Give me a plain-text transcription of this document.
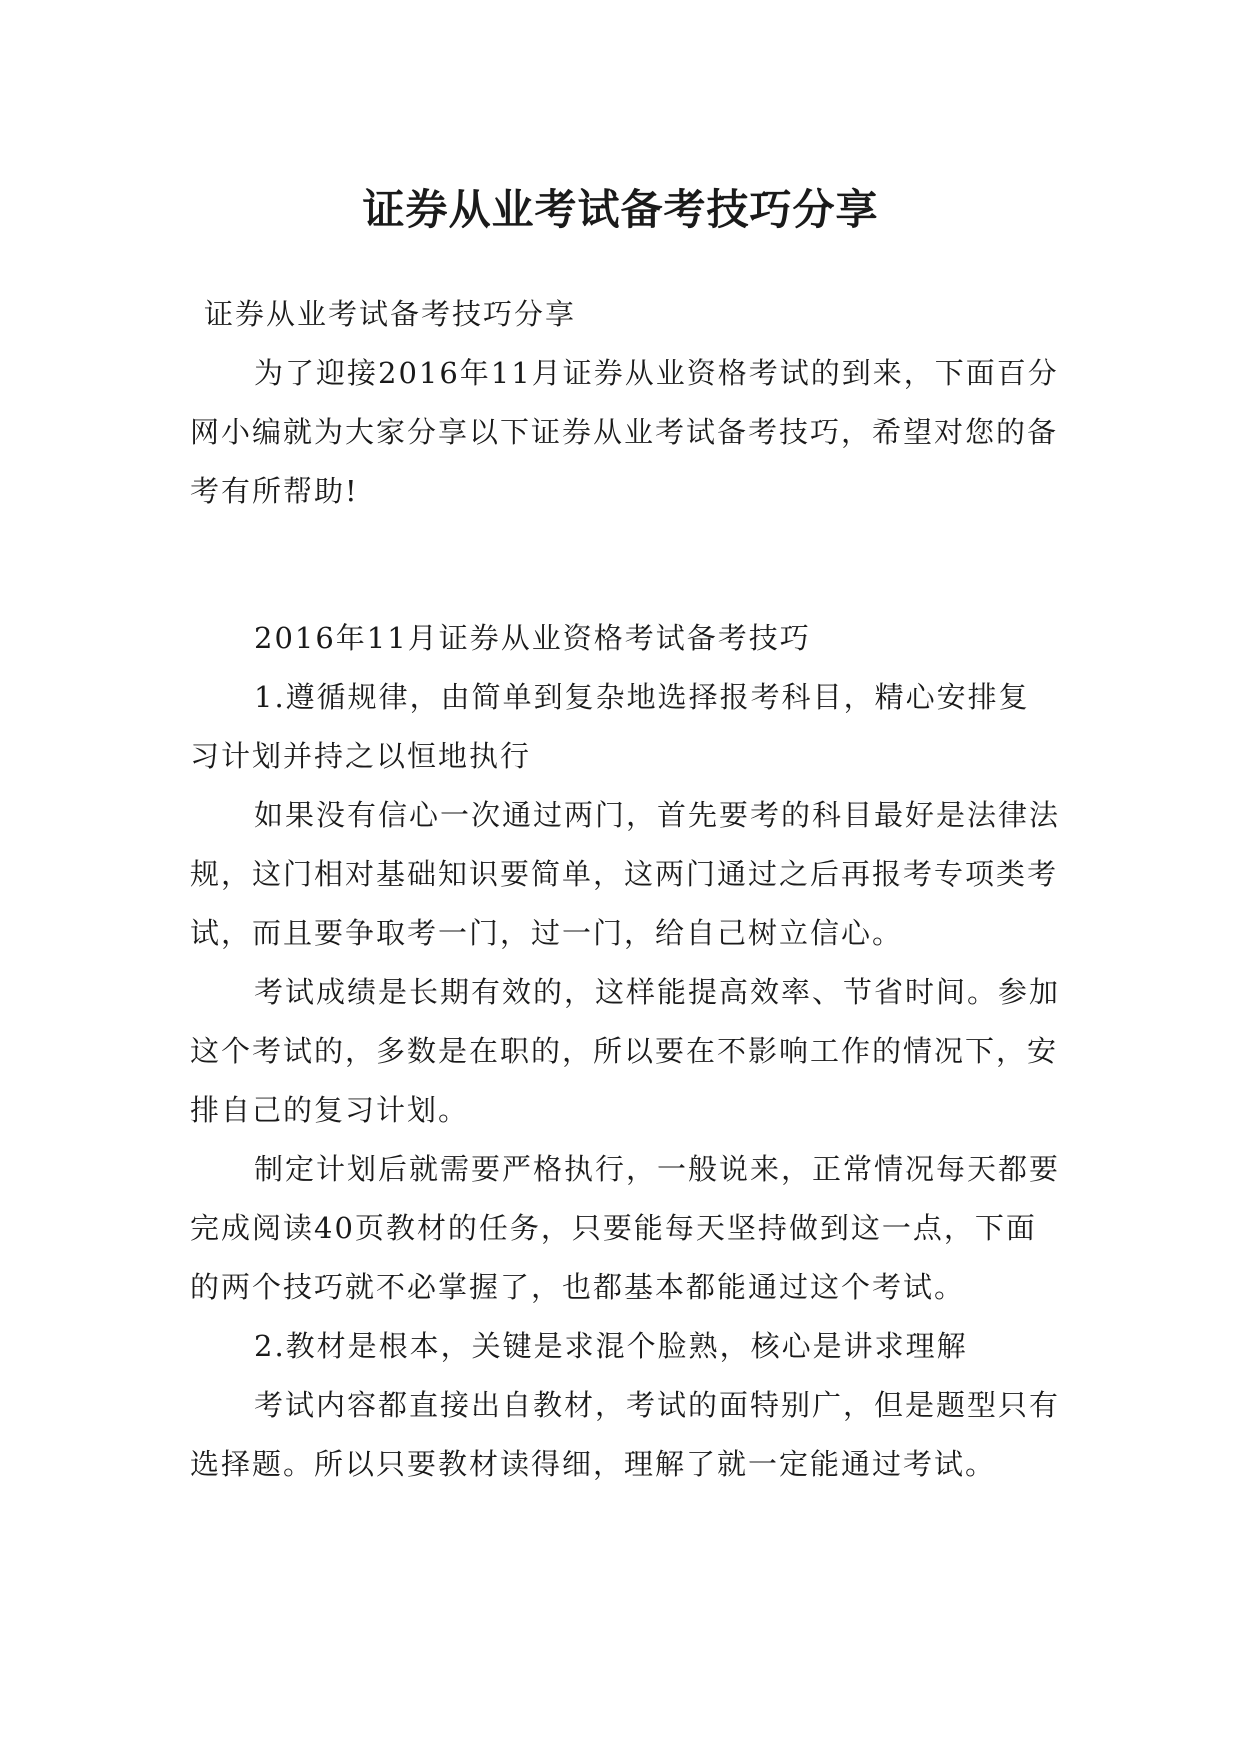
证券从业考试备考技巧分享

证券从业考试备考技巧分享

为了迎接2016年11月证券从业资格考试的到来，下面百分网小编就为大家分享以下证券从业考试备考技巧，希望对您的备考有所帮助!

2016年11月证券从业资格考试备考技巧

1.遵循规律，由简单到复杂地选择报考科目，精心安排复习计划并持之以恒地执行

如果没有信心一次通过两门，首先要考的科目最好是法律法规，这门相对基础知识要简单，这两门通过之后再报考专项类考试，而且要争取考一门，过一门，给自己树立信心。

考试成绩是长期有效的，这样能提高效率、节省时间。参加这个考试的，多数是在职的，所以要在不影响工作的情况下，安排自己的复习计划。

制定计划后就需要严格执行，一般说来，正常情况每天都要完成阅读40页教材的任务，只要能每天坚持做到这一点，下面的两个技巧就不必掌握了，也都基本都能通过这个考试。

2.教材是根本，关键是求混个脸熟，核心是讲求理解

考试内容都直接出自教材，考试的面特别广，但是题型只有选择题。所以只要教材读得细，理解了就一定能通过考试。
